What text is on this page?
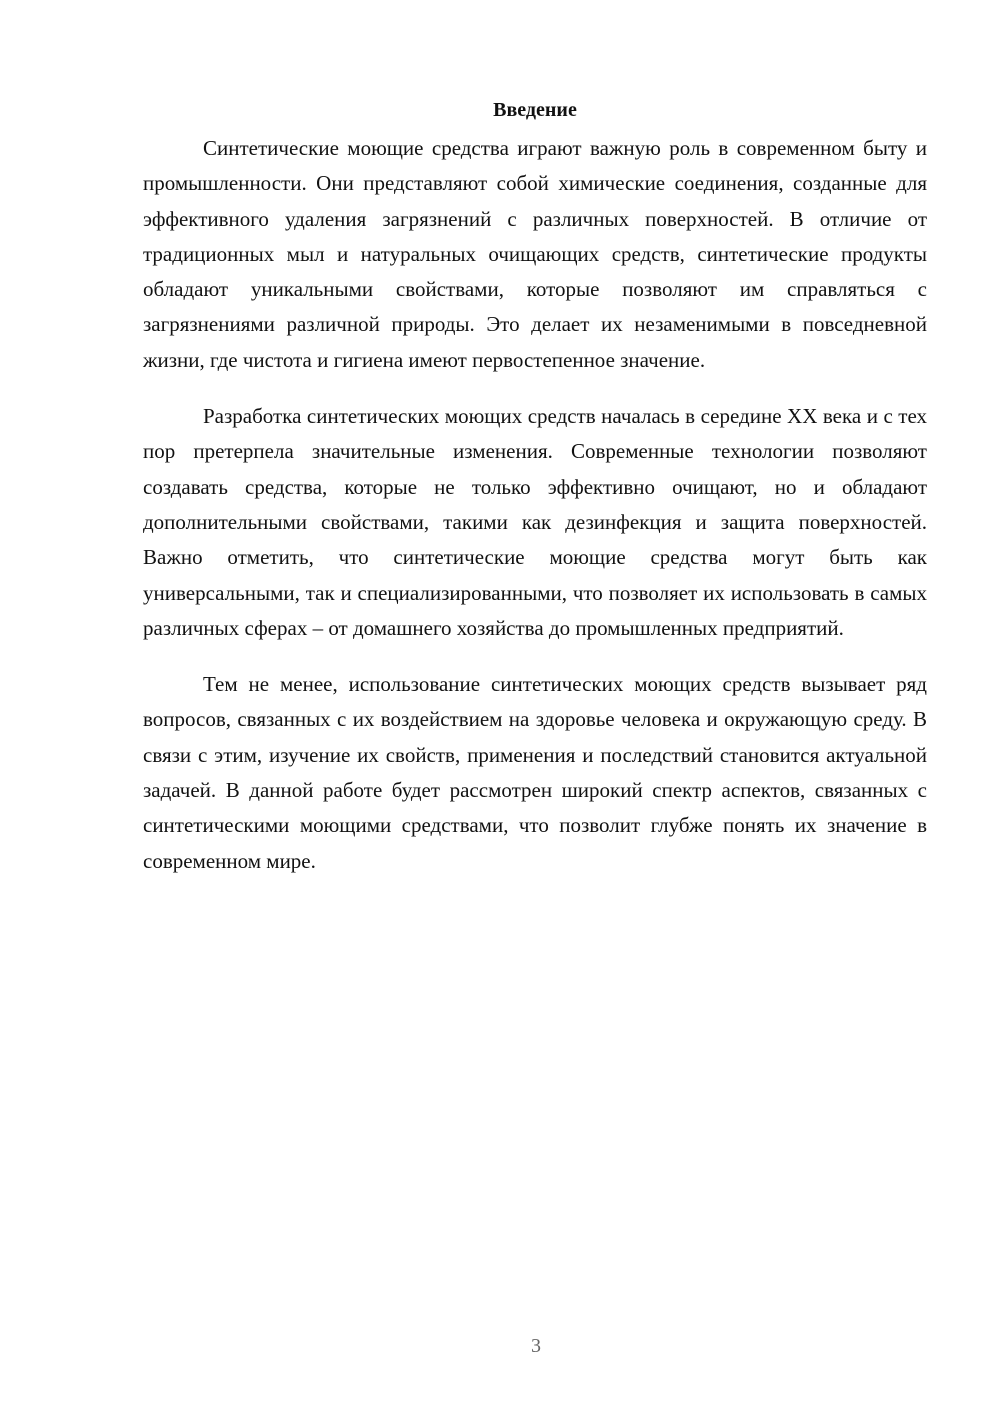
Введение

Синтетические моющие средства играют важную роль в современном быту и промышленности. Они представляют собой химические соединения, созданные для эффективного удаления загрязнений с различных поверхностей. В отличие от традиционных мыл и натуральных очищающих средств, синтетические продукты обладают уникальными свойствами, которые позволяют им справляться с загрязнениями различной природы. Это делает их незаменимыми в повседневной жизни, где чистота и гигиена имеют первостепенное значение.

Разработка синтетических моющих средств началась в середине XX века и с тех пор претерпела значительные изменения. Современные технологии позволяют создавать средства, которые не только эффективно очищают, но и обладают дополнительными свойствами, такими как дезинфекция и защита поверхностей. Важно отметить, что синтетические моющие средства могут быть как универсальными, так и специализированными, что позволяет их использовать в самых различных сферах – от домашнего хозяйства до промышленных предприятий.

Тем не менее, использование синтетических моющих средств вызывает ряд вопросов, связанных с их воздействием на здоровье человека и окружающую среду. В связи с этим, изучение их свойств, применения и последствий становится актуальной задачей. В данной работе будет рассмотрен широкий спектр аспектов, связанных с синтетическими моющими средствами, что позволит глубже понять их значение в современном мире.

3
